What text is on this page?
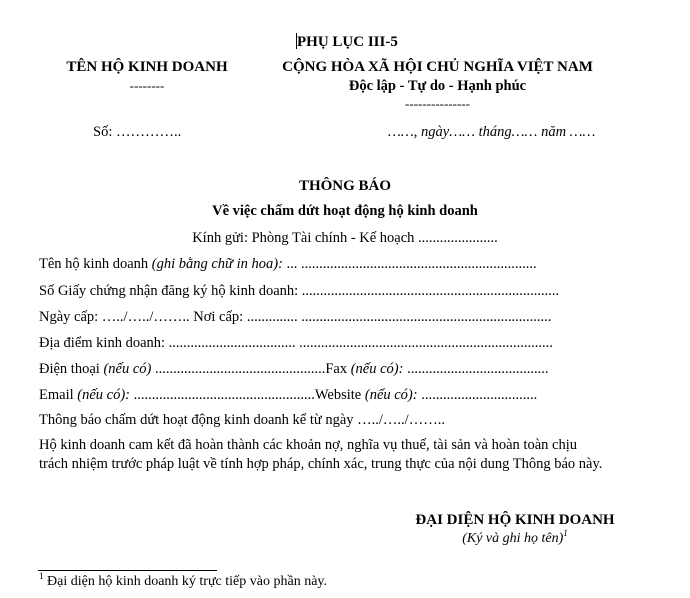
PHỤ LỤC III-5
TÊN HỘ KINH DOANH
--------
CỘNG HÒA XÃ HỘI CHỦ NGHĨA VIỆT NAM
Độc lập - Tự do - Hạnh phúc
---------------
Số: …………..	……, ngày…… tháng…… năm ……
THÔNG BÁO
Về việc chấm dứt hoạt động hộ kinh doanh
Kính gửi: Phòng Tài chính - Kế hoạch ......................
Tên hộ kinh doanh (ghi bằng chữ in hoa): ... .................................................................
Số Giấy chứng nhận đăng ký hộ kinh doanh: .......................................................................
Ngày cấp: …../…../…….. Nơi cấp: .............. .....................................................................
Địa điểm kinh doanh: ................................... ......................................................................
Điện thoại (nếu có) ...............................................Fax (nếu có): .......................................
Email (nếu có): ..................................................Website (nếu có): ................................
Thông báo chấm dứt hoạt động kinh doanh kể từ ngày …../…../……..
Hộ kinh doanh cam kết đã hoàn thành các khoản nợ, nghĩa vụ thuế, tài sản và hoàn toàn chịu
trách nhiệm trước pháp luật về tính hợp pháp, chính xác, trung thực của nội dung Thông báo này.
ĐẠI DIỆN HỘ KINH DOANH
(Ký và ghi họ tên)$^1$
$^1$ Đại diện hộ kinh doanh ký trực tiếp vào phần này.
